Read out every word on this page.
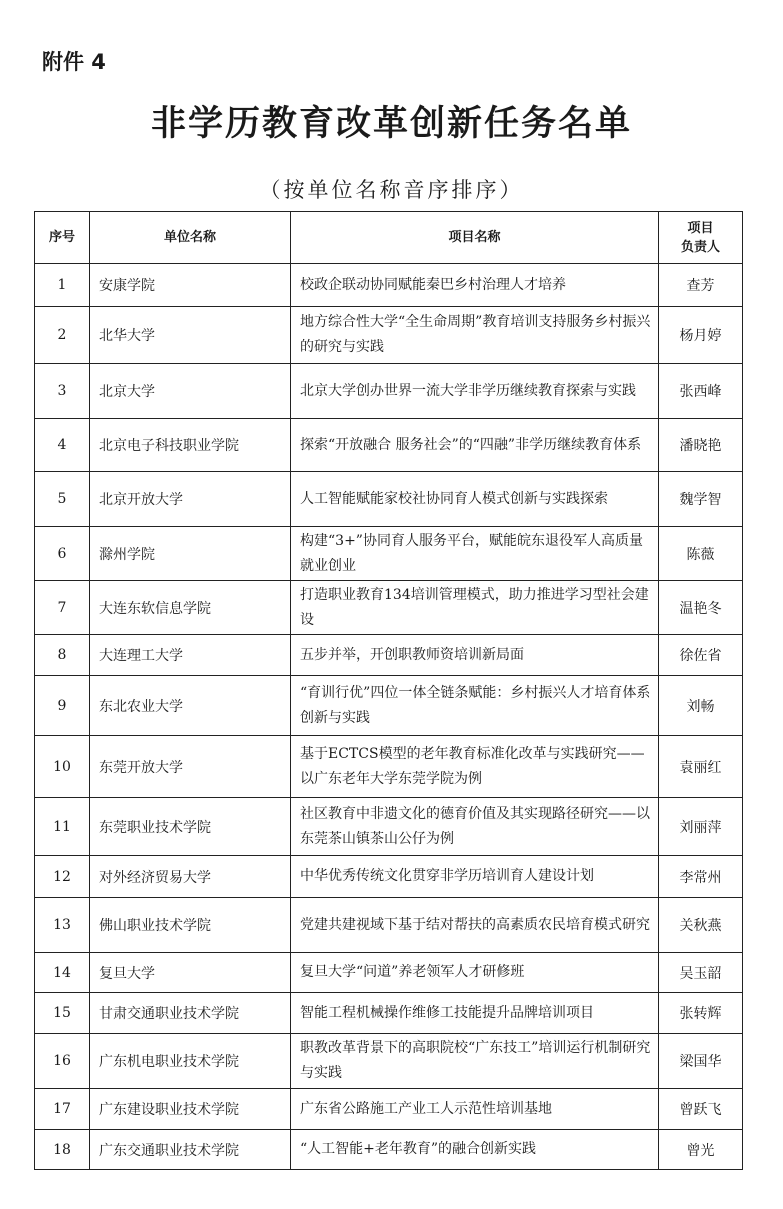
附件 4
非学历教育改革创新任务名单
（按单位名称音序排序）
序号	单位名称	项目名称	项目
负责人
1	安康学院	校政企联动协同赋能秦巴乡村治理人才培养	查芳
2	北华大学	地方综合性大学“全生命周期”教育培训支持服务乡村振兴的研究与实践	杨月婷
3	北京大学	北京大学创办世界一流大学非学历继续教育探索与实践	张西峰
4	北京电子科技职业学院	探索“开放融合 服务社会”的“四融”非学历继续教育体系	潘晓艳
5	北京开放大学	人工智能赋能家校社协同育人模式创新与实践探索	魏学智
6	滁州学院	构建“3+”协同育人服务平台，赋能皖东退役军人高质量就业创业	陈薇
7	大连东软信息学院	打造职业教育134培训管理模式，助力推进学习型社会建设	温艳冬
8	大连理工大学	五步并举，开创职教师资培训新局面	徐佐省
9	东北农业大学	“育训行优”四位一体全链条赋能：乡村振兴人才培育体系创新与实践	刘畅
10	东莞开放大学	基于ECTCS模型的老年教育标准化改革与实践研究——以广东老年大学东莞学院为例	袁丽红
11	东莞职业技术学院	社区教育中非遗文化的德育价值及其实现路径研究——以东莞茶山镇茶山公仔为例	刘丽萍
12	对外经济贸易大学	中华优秀传统文化贯穿非学历培训育人建设计划	李常州
13	佛山职业技术学院	党建共建视域下基于结对帮扶的高素质农民培育模式研究	关秋燕
14	复旦大学	复旦大学“问道”养老领军人才研修班	吴玉韶
15	甘肃交通职业技术学院	智能工程机械操作维修工技能提升品牌培训项目	张转辉
16	广东机电职业技术学院	职教改革背景下的高职院校“广东技工”培训运行机制研究与实践	梁国华
17	广东建设职业技术学院	广东省公路施工产业工人示范性培训基地	曾跃飞
18	广东交通职业技术学院	“人工智能+老年教育”的融合创新实践	曾光
